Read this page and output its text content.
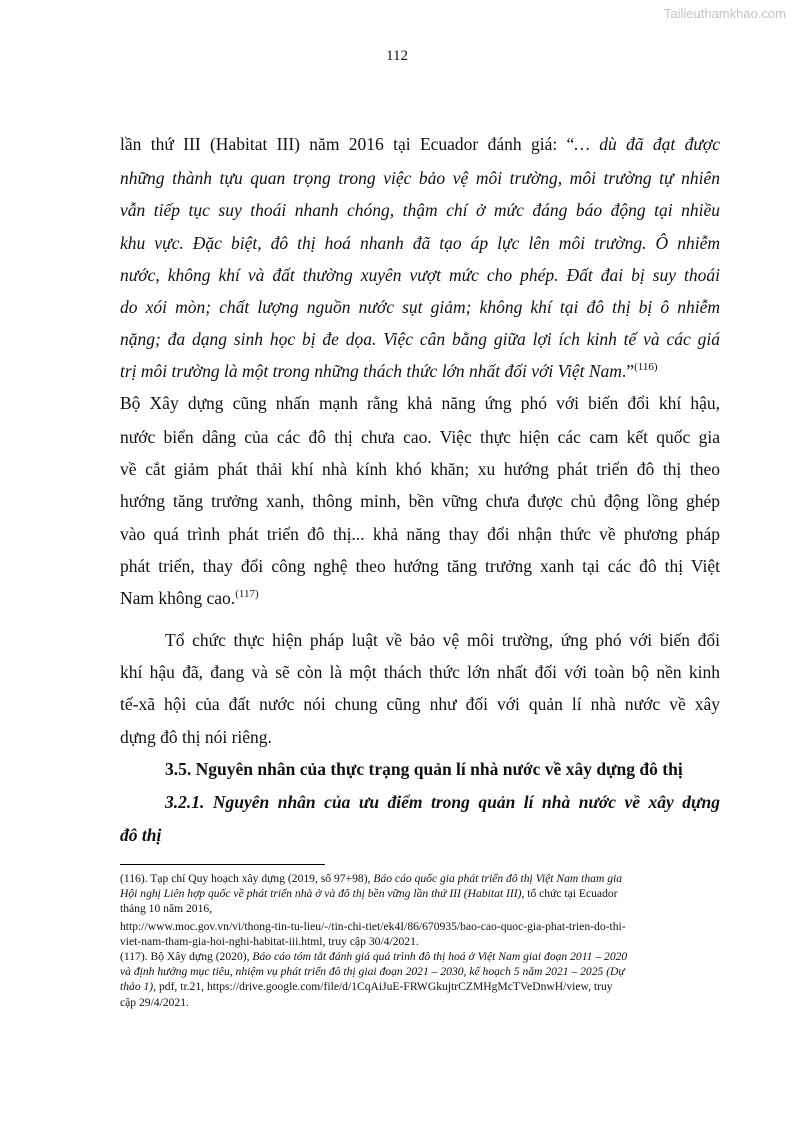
Tailieuthamkhao.com
112
lần thứ III (Habitat III) năm 2016 tại Ecuador đánh giá: “… dù đã đạt được
những thành tựu quan trọng trong việc bảo vệ môi trường, môi trường tự nhiên
vẫn tiếp tục suy thoái nhanh chóng, thậm chí ở mức đáng báo động tại nhiều
khu vực. Đặc biệt, đô thị hoá nhanh đã tạo áp lực lên môi trường. Ô nhiễm
nước, không khí và đất thường xuyên vượt mức cho phép. Đất đai bị suy thoái
do xói mòn; chất lượng nguồn nước sụt giảm; không khí tại đô thị bị ô nhiễm
nặng; đa dạng sinh học bị đe dọa. Việc cân bằng giữa lợi ích kinh tế và các giá
trị môi trường là một trong những thách thức lớn nhất đối với Việt Nam.”$^{(116)}$
Bộ Xây dựng cũng nhấn mạnh rằng khả năng ứng phó với biến đổi khí hậu,
nước biển dâng của các đô thị chưa cao. Việc thực hiện các cam kết quốc gia
về cắt giảm phát thải khí nhà kính khó khăn; xu hướng phát triển đô thị theo
hướng tăng trưởng xanh, thông minh, bền vững chưa được chủ động lồng ghép
vào quá trình phát triển đô thị... khả năng thay đổi nhận thức về phương pháp
phát triển, thay đổi công nghệ theo hướng tăng trưởng xanh tại các đô thị Việt
Nam không cao.$^{(117)}$
Tổ chức thực hiện pháp luật về bảo vệ môi trường, ứng phó với biến đổi
khí hậu đã, đang và sẽ còn là một thách thức lớn nhất đối với toàn bộ nền kinh
tế-xã hội của đất nước nói chung cũng như đối với quản lí nhà nước về xây
dựng đô thị nói riêng.
3.5. Nguyên nhân của thực trạng quản lí nhà nước về xây dựng đô thị
3.2.1. Nguyên nhân của ưu điểm trong quản lí nhà nước về xây dựng
đô thị
(116). Tạp chí Quy hoạch xây dựng (2019, số 97+98), Báo cáo quốc gia phát triển đô thị Việt Nam tham gia
Hội nghị Liên hợp quốc về phát triển nhà ở và đô thị bền vững lần thứ III (Habitat III), tổ chức tại Ecuador
tháng 10 năm 2016,
http://www.moc.gov.vn/vi/thong-tin-tu-lieu/-/tin-chi-tiet/ek4I/86/670935/bao-cao-quoc-gia-phat-trien-do-thi-
viet-nam-tham-gia-hoi-nghi-habitat-iii.html, truy cập 30/4/2021.
(117). Bộ Xây dựng (2020), Báo cáo tóm tắt đánh giá quá trình đô thị hoá ở Việt Nam giai đoạn 2011 – 2020
và định hướng mục tiêu, nhiệm vụ phát triển đô thị giai đoạn 2021 – 2030, kế hoạch 5 năm 2021 – 2025 (Dự
thảo 1), pdf, tr.21, https://drive.google.com/file/d/1CqAiJuE-FRWGkujtrCZMHgMcTVeDnwH/view, truy
cập 29/4/2021.
